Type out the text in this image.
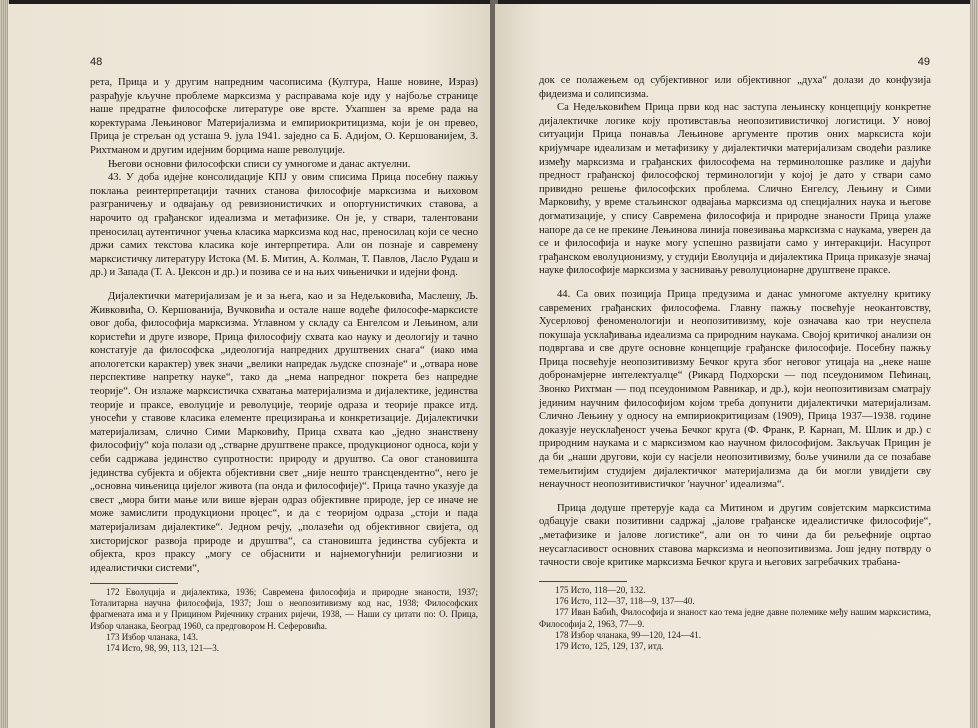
48

рета, Прица и у другим напредним часописима (Култура, Наше новине, Израз) разрађује кључне проблеме марксизма у расправама које иду у најбоље странице наше предратне философске литературе ове врсте. Ухапшен за време рада на коректурама Лењиновог Материјализма и емпириокритицизма, који је он превео, Прица је стрељан од усташа 9. јула 1941. заједно са Б. Адијом, О. Кершованијем, З. Рихтманом и другим идејним борцима наше револуције.

Његови основни философски списи су умногоме и данас актуелни.

43. У доба идејне консолидације КПЈ у овим списима Прица посебну пажњу поклања реинтерпретацији тачних станова философије марксизма и њиховом разграничењу и одвајању од ревизионистичких и опортунистичких ставова, а нарочито од грађанског идеализма и метафизике. Он је, у ствари, талентовани преносилац аутентичног учења класика марксизма код нас, преносилац који се чесно држи самих текстова класика које интерпретира. Али он познаје и савремену марксистичку литературу Истока (М. Б. Митин, А. Колман, Т. Павлов, Ласло Рудаш и др.) и Запада (Т. А. Џексон и др.) и позива се и на њих чињенички и идејни фонд.

Дијалектички материјализам је и за њега, као и за Недељковића, Маслешу, Љ. Живковића, О. Кершованија, Вучковића и остале наше водеће философе-марксисте овог доба, философија марксизма. Углавном у складу са Енгелсом и Лењином, али користећи и друге изворе, Прица философију схвата као науку и деологију и тачно констатује да философска „идеологија напредних друштвених снага“ (иако има апологетски карактер) увек значи „велики напредак људске спознаје“ и „отвара нове перспективе напретку науке“, тако да „нема напредног покрета без напредне теорије“. Он излаже марксистичка схватања материјализма и дијалектике, јединства теорије и праксе, еволуције и револуције, теорије одраза и теорије праксе итд. уносећи у ставове класика елементе прецизирања и конкретизације. Дијалектички материјализам, слично Сими Марковићу, Прица схвата као „једно знанствену философију“ која полази од „стварне друштвене праксе, продукционог односа, који у себи садржава јединство супротности: природу и друштво. Са овог становишта јединства субјекта и објекта објективни свет „није нешто трансцендентно“, него је „основна чињеница цијелог живота (па онда и философије)“. Прица тачно указује да свест „мора бити мање или више вјеран одраз објективне природе, јер се иначе не може замислити продукциони процес“, и да с теоријом одраза „стоји и пада материјализам дијалектике“. Једном речју, „полазећи од објективног свијета, од хисторијског развоја природе и друштва“, са становишта јединства субјекта и објекта, кроз праксу „могу се објаснити и најнемогућнији религиозни и идеалистички системи“,

172 Еволуција и дијалектика, 1936; Савремена философија и природне знаности, 1937; Тоталитарна научна философија, 1937; Још о неопозитивизму код нас, 1938; Философских фрагмената има и у Прицином Ријечнику страних ријечи, 1938, — Наши су цитати по: О. Прица, Избор чланака, Београд 1960, са предговором Н. Сеферовића.

173 Избор чланака, 143.

174 Исто, 98, 99, 113, 121—3.

49

док се полажењем од субјективног или објективног „духа“ долази до конфузија фидеизма и солипсизма.

Са Недељковићем Прица први код нас заступа лењинску концепцију конкретне дијалектичке логике коју противставља неопозитивистичкој логистици. У новој ситуацији Прица понавља Лењинове аргументе против оних марксиста који кријумчаре идеализам и метафизику у дијалектички материјализам сводећи разлике између марксизма и грађанских философема на терминолошке разлике и дајући предност грађанској философској терминологији у којој је дато у ствари само привидно решење философских проблема. Слично Енгелсу, Лењину и Сими Марковићу, у време стаљинског одвајања марксизма од специјалних наука и његове догматизације, у спису Савремена философија и природне знаности Прица улаже напоре да се не прекине Лењинова линија повезивања марксизма с наукама, уверен да се и философија и науке могу успешно развијати само у интеракцији. Насупрот грађанском еволуционизму, у студији Еволуција и дијалектика Прица приказује значај науке философије марксизма у заснивању револуционарне друштвене праксе.

44. Са ових позиција Прица предузима и данас умногоме актуелну критику савремених грађанских философема. Главну пажњу посвећује неокантовству, Хусерловој феноменологији и неопозитивизму, које означава као три неуспела покушаја усклађивања идеализма са природним наукама. Својој критичкој анализи он подвргава и све друге основне концепције грађанске философије. Посебну пажњу Прица посвећује неопозитивизму Бечког круга због неговог утицаја на „неке наше добронамјерне интелектуалце“ (Рикард Подхорски — под псеудонимом Пећинац, Звонко Рихтман — под псеудонимом Равникар, и др.), који неопозитивизам сматрају јединим научним философијом којом треба допунити дијалектички материјализам. Слично Лењину у односу на емпириокритицизам (1909), Прица 1937—1938. године доказује неусклађеност учења Бечког круга (Ф. Франк, Р. Карнап, М. Шлик и др.) с природним наукама и с марксизмом као научном философијом. Закључак Прицин је да би „наши другови, који су насјели неопозитивизму, боље учинили да се позабаве темељитијим студијем дијалектичког материјализма да би могли увидјети сву ненаучност неопозитивистичког 'научног' идеализма“.

Прица додуше претерује када са Митином и другим совјетским марксистима одбацује сваки позитивни садржај „јалове грађанске идеалистичке философије“, „метафизике и јалове логистике“, али он то чини да би рељефније оцртао неусагласивост основних ставова марксизма и неопозитивизма. Још једну потврду о тачности своје критике марксизма Бечког круга и његових загребачких трабана-

175 Исто, 118—20, 132.

176 Исто, 112—37, 118—9, 137—40.

177 Иван Бабић, Философија и знаност као тема једне давне полемике међу нашим марксистима, Философија 2, 1963, 77—9.

178 Избор чланака, 99—120, 124—41.

179 Исто, 125, 129, 137, итд.
